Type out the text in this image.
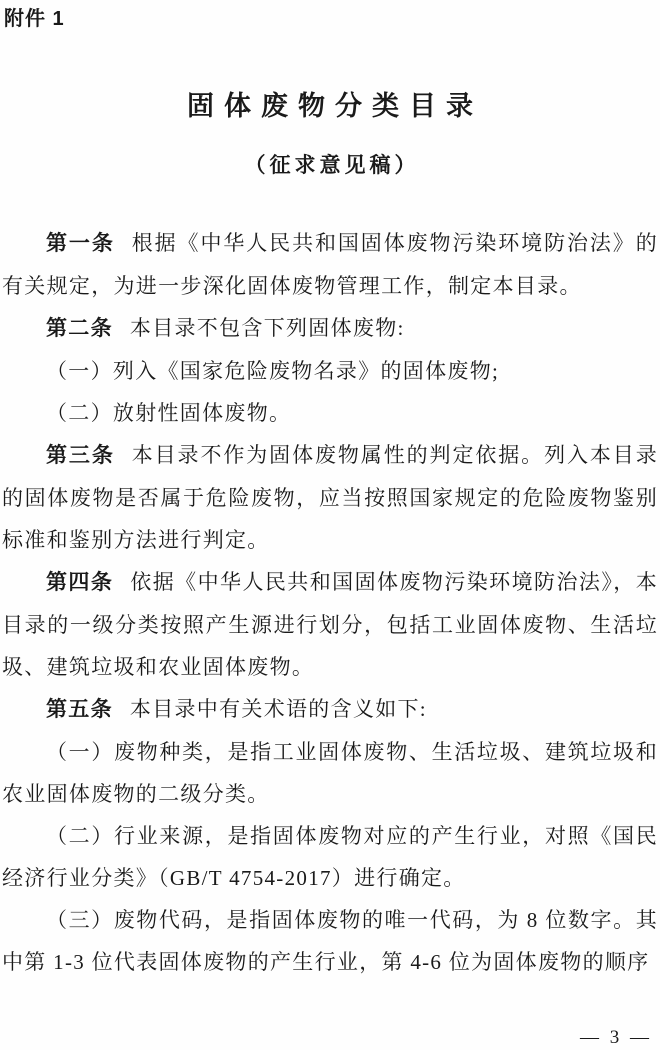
附件 1
固体废物分类目录
（征求意见稿）

第一条 根据《中华人民共和国固体废物污染环境防治法》的有关规定，为进一步深化固体废物管理工作，制定本目录。

第二条 本目录不包含下列固体废物:

（一）列入《国家危险废物名录》的固体废物;

（二）放射性固体废物。

第三条 本目录不作为固体废物属性的判定依据。列入本目录的固体废物是否属于危险废物，应当按照国家规定的危险废物鉴别标准和鉴别方法进行判定。

第四条 依据《中华人民共和国固体废物污染环境防治法》，本目录的一级分类按照产生源进行划分，包括工业固体废物、生活垃圾、建筑垃圾和农业固体废物。

第五条 本目录中有关术语的含义如下:

（一）废物种类，是指工业固体废物、生活垃圾、建筑垃圾和农业固体废物的二级分类。

（二）行业来源，是指固体废物对应的产生行业，对照《国民经济行业分类》（GB/T 4754-2017）进行确定。

（三）废物代码，是指固体废物的唯一代码，为 8 位数字。其中第 1-3 位代表固体废物的产生行业，第 4-6 位为固体废物的顺序

— 3 —
